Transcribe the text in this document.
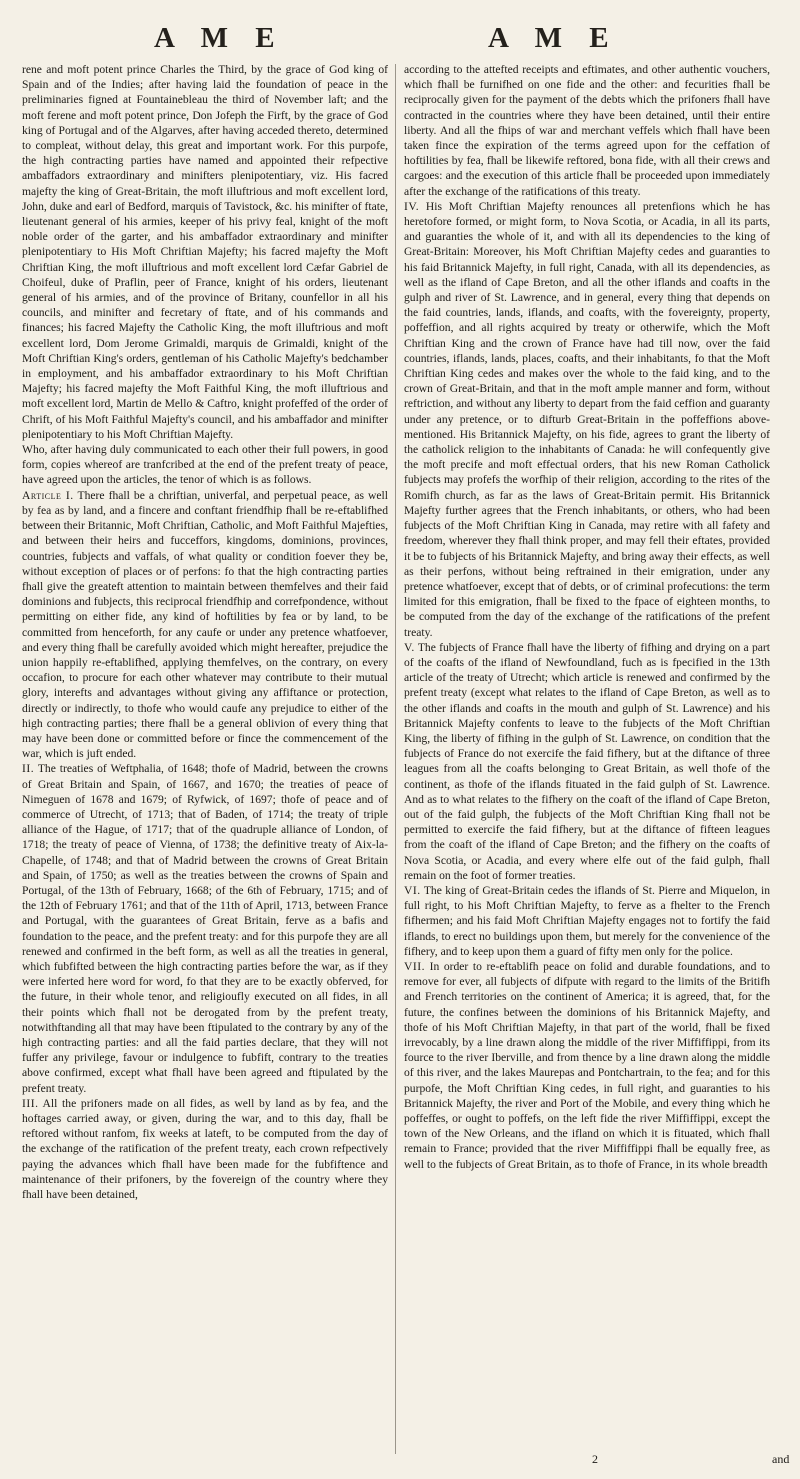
A M E	A M E

rene and moft potent prince Charles the Third, by the grace of God king of Spain and of the Indies; after having laid the foundation of peace in the preliminaries figned at Fountainebleau the third of November laft; and the moft ferene and moft potent prince, Don Jofeph the Firft, by the grace of God king of Portugal and of the Algarves, after having acceded thereto, determined to compleat, without delay, this great and important work. For this purpofe, the high contracting parties have named and appointed their refpective ambaffadors extraordinary and minifters plenipotentiary, viz. His facred majefty the king of Great-Britain, the moft illuftrious and moft excellent lord, John, duke and earl of Bedford, marquis of Tavistock, &c. his minifter of ftate, lieutenant general of his armies, keeper of his privy feal, knight of the moft noble order of the garter, and his ambaffador extraordinary and minifter plenipotentiary to His Moft Chriftian Majefty; his facred majefty the Moft Chriftian King, the moft illuftrious and moft excellent lord Cæfar Gabriel de Choifeul, duke of Praflin, peer of France, knight of his orders, lieutenant general of his armies, and of the province of Britany, counfellor in all his councils, and minifter and fecretary of ftate, and of his commands and finances; his facred Majefty the Catholic King, the moft illuftrious and moft excellent lord, Dom Jerome Grimaldi, marquis de Grimaldi, knight of the Moft Chriftian King's orders, gentleman of his Catholic Majefty's bedchamber in employment, and his ambaffador extraordinary to his Moft Chriftian Majefty; his facred majefty the Moft Faithful King, the moft illuftrious and moft excellent lord, Martin de Mello & Caftro, knight profeffed of the order of Chrift, of his Moft Faithful Majefty's council, and his ambaffador and minifter plenipotentiary to his Moft Chriftian Majefty.

Who, after having duly communicated to each other their full powers, in good form, copies whereof are tranfcribed at the end of the prefent treaty of peace, have agreed upon the articles, the tenor of which is as follows.

Article I. There fhall be a chriftian, univerfal, and perpetual peace, as well by fea as by land, and a fincere and conftant friendfhip fhall be re-eftablifhed between their Britannic, Moft Chriftian, Catholic, and Moft Faithful Majefties, and between their heirs and fucceffors, kingdoms, dominions, provinces, countries, fubjects and vaffals, of what quality or condition foever they be, without exception of places or of perfons: fo that the high contracting parties fhall give the greateft attention to maintain between themfelves and their faid dominions and fubjects, this reciprocal friendfhip and correfpondence, without permitting on either fide, any kind of hoftilities by fea or by land, to be committed from henceforth, for any caufe or under any pretence whatfoever, and every thing fhall be carefully avoided which might hereafter, prejudice the union happily re-eftablifhed, applying themfelves, on the contrary, on every occafion, to procure for each other whatever may contribute to their mutual glory, interefts and advantages without giving any affiftance or protection, directly or indirectly, to thofe who would caufe any prejudice to either of the high contracting parties; there fhall be a general oblivion of every thing that may have been done or committed before or fince the commencement of the war, which is juft ended.

II. The treaties of Weftphalia, of 1648; thofe of Madrid, between the crowns of Great Britain and Spain, of 1667, and 1670; the treaties of peace of Nimeguen of 1678 and 1679; of Ryfwick, of 1697; thofe of peace and of commerce of Utrecht, of 1713; that of Baden, of 1714; the treaty of triple alliance of the Hague, of 1717; that of the quadruple alliance of London, of 1718; the treaty of peace of Vienna, of 1738; the definitive treaty of Aix-la-Chapelle, of 1748; and that of Madrid between the crowns of Great Britain and Spain, of 1750; as well as the treaties between the crowns of Spain and Portugal, of the 13th of February, 1668; of the 6th of February, 1715; and of the 12th of February 1761; and that of the 11th of April, 1713, between France and Portugal, with the guarantees of Great Britain, ferve as a bafis and foundation to the peace, and the prefent treaty: and for this purpofe they are all renewed and confirmed in the beft form, as well as all the treaties in general, which fubfifted between the high contracting parties before the war, as if they were inferted here word for word, fo that they are to be exactly obferved, for the future, in their whole tenor, and religioufly executed on all fides, in all their points which fhall not be derogated from by the prefent treaty, notwithftanding all that may have been ftipulated to the contrary by any of the high contracting parties: and all the faid parties declare, that they will not fuffer any privilege, favour or indulgence to fubfift, contrary to the treaties above confirmed, except what fhall have been agreed and ftipulated by the prefent treaty.

III. All the prifoners made on all fides, as well by land as by fea, and the hoftages carried away, or given, during the war, and to this day, fhall be reftored without ranfom, fix weeks at lateft, to be computed from the day of the exchange of the ratification of the prefent treaty, each crown refpectively paying the advances which fhall have been made for the fubfiftence and maintenance of their prifoners, by the fovereign of the country where they fhall have been detained,

according to the attefted receipts and eftimates, and other authentic vouchers, which fhall be furnifhed on one fide and the other: and fecurities fhall be reciprocally given for the payment of the debts which the prifoners fhall have contracted in the countries where they have been detained, until their entire liberty. And all the fhips of war and merchant veffels which fhall have been taken fince the expiration of the terms agreed upon for the ceffation of hoftilities by fea, fhall be likewife reftored, bona fide, with all their crews and cargoes: and the execution of this article fhall be proceeded upon immediately after the exchange of the ratifications of this treaty.

IV. His Moft Chriftian Majefty renounces all pretenfions which he has heretofore formed, or might form, to Nova Scotia, or Acadia, in all its parts, and guaranties the whole of it, and with all its dependencies to the king of Great-Britain: Moreover, his Moft Chriftian Majefty cedes and guaranties to his faid Britannick Majefty, in full right, Canada, with all its dependencies, as well as the ifland of Cape Breton, and all the other iflands and coafts in the gulph and river of St. Lawrence, and in general, every thing that depends on the faid countries, lands, iflands, and coafts, with the fovereignty, property, poffeffion, and all rights acquired by treaty or otherwife, which the Moft Chriftian King and the crown of France have had till now, over the faid countries, iflands, lands, places, coafts, and their inhabitants, fo that the Moft Chriftian King cedes and makes over the whole to the faid king, and to the crown of Great-Britain, and that in the moft ample manner and form, without reftriction, and without any liberty to depart from the faid ceffion and guaranty under any pretence, or to difturb Great-Britain in the poffeffions above-mentioned. His Britannick Majefty, on his fide, agrees to grant the liberty of the catholick religion to the inhabitants of Canada: he will confequently give the moft precife and moft effectual orders, that his new Roman Catholick fubjects may profefs the worfhip of their religion, according to the rites of the Romifh church, as far as the laws of Great-Britain permit. His Britannick Majefty further agrees that the French inhabitants, or others, who had been fubjects of the Moft Chriftian King in Canada, may retire with all fafety and freedom, wherever they fhall think proper, and may fell their eftates, provided it be to fubjects of his Britannick Majefty, and bring away their effects, as well as their perfons, without being reftrained in their emigration, under any pretence whatfoever, except that of debts, or of criminal profecutions: the term limited for this emigration, fhall be fixed to the fpace of eighteen months, to be computed from the day of the exchange of the ratifications of the prefent treaty.

V. The fubjects of France fhall have the liberty of fifhing and drying on a part of the coafts of the ifland of Newfoundland, fuch as is fpecified in the 13th article of the treaty of Utrecht; which article is renewed and confirmed by the prefent treaty (except what relates to the ifland of Cape Breton, as well as to the other iflands and coafts in the mouth and gulph of St. Lawrence) and his Britannick Majefty confents to leave to the fubjects of the Moft Chriftian King, the liberty of fifhing in the gulph of St. Lawrence, on condition that the fubjects of France do not exercife the faid fifhery, but at the diftance of three leagues from all the coafts belonging to Great Britain, as well thofe of the continent, as thofe of the iflands fituated in the faid gulph of St. Lawrence. And as to what relates to the fifhery on the coaft of the ifland of Cape Breton, out of the faid gulph, the fubjects of the Moft Chriftian King fhall not be permitted to exercife the faid fifhery, but at the diftance of fifteen leagues from the coaft of the ifland of Cape Breton; and the fifhery on the coafts of Nova Scotia, or Acadia, and every where elfe out of the faid gulph, fhall remain on the foot of former treaties.

VI. The king of Great-Britain cedes the iflands of St. Pierre and Miquelon, in full right, to his Moft Chriftian Majefty, to ferve as a fhelter to the French fifhermen; and his faid Moft Chriftian Majefty engages not to fortify the faid iflands, to erect no buildings upon them, but merely for the convenience of the fifhery, and to keep upon them a guard of fifty men only for the police.

VII. In order to re-eftablifh peace on folid and durable foundations, and to remove for ever, all fubjects of difpute with regard to the limits of the Britifh and French territories on the continent of America; it is agreed, that, for the future, the confines between the dominions of his Britannick Majefty, and thofe of his Moft Chriftian Majefty, in that part of the world, fhall be fixed irrevocably, by a line drawn along the middle of the river Miffiffippi, from its fource to the river Iberville, and from thence by a line drawn along the middle of this river, and the lakes Maurepas and Pontchartrain, to the fea; and for this purpofe, the Moft Chriftian King cedes, in full right, and guaranties to his Britannick Majefty, the river and Port of the Mobile, and every thing which he poffeffes, or ought to poffefs, on the left fide the river Miffiffippi, except the town of the New Orleans, and the ifland on which it is fituated, which fhall remain to France; provided that the river Miffiffippi fhall be equally free, as well to the fubjects of Great Britain, as to thofe of France, in its whole breadth

2	and
